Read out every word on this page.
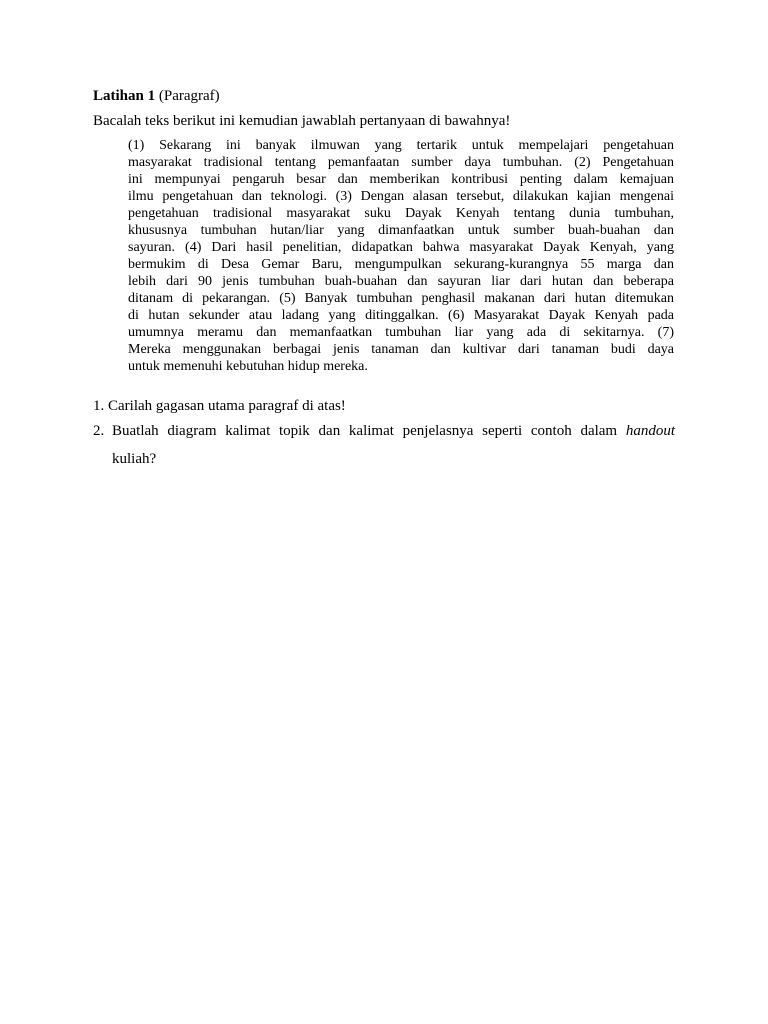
Latihan 1 (Paragraf)
Bacalah teks berikut ini kemudian jawablah pertanyaan di bawahnya!
(1) Sekarang ini banyak ilmuwan yang tertarik untuk mempelajari pengetahuan
masyarakat tradisional tentang pemanfaatan sumber daya tumbuhan. (2) Pengetahuan
ini mempunyai pengaruh besar dan memberikan kontribusi penting dalam kemajuan
ilmu pengetahuan dan teknologi. (3) Dengan alasan tersebut, dilakukan kajian mengenai
pengetahuan tradisional masyarakat suku Dayak Kenyah tentang dunia tumbuhan,
khususnya tumbuhan hutan/liar yang dimanfaatkan untuk sumber buah-buahan dan
sayuran. (4) Dari hasil penelitian, didapatkan bahwa masyarakat Dayak Kenyah, yang
bermukim di Desa Gemar Baru, mengumpulkan sekurang-kurangnya 55 marga dan
lebih dari 90 jenis tumbuhan buah-buahan dan sayuran liar dari hutan dan beberapa
ditanam di pekarangan. (5) Banyak tumbuhan penghasil makanan dari hutan ditemukan
di hutan sekunder atau ladang yang ditinggalkan. (6) Masyarakat Dayak Kenyah pada
umumnya meramu dan memanfaatkan tumbuhan liar yang ada di sekitarnya. (7)
Mereka menggunakan berbagai jenis tanaman dan kultivar dari tanaman budi daya
untuk memenuhi kebutuhan hidup mereka.
1. Carilah gagasan utama paragraf di atas!
2. Buatlah diagram kalimat topik dan kalimat penjelasnya seperti contoh dalam handout
kuliah?
